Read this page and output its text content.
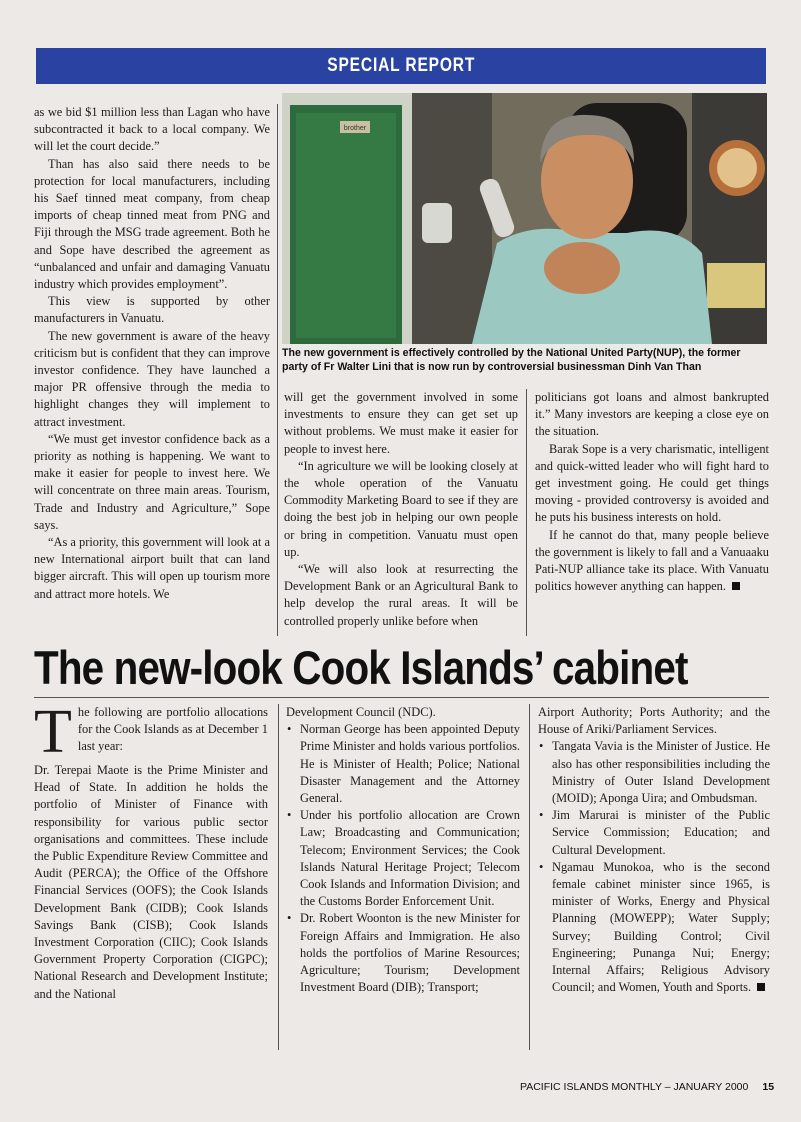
SPECIAL REPORT

as we bid $1 million less than Lagan who have subcontracted it back to a local company. We will let the court decide.”

Than has also said there needs to be protection for local manufacturers, including his Saef tinned meat company, from cheap imports of cheap tinned meat from PNG and Fiji through the MSG trade agreement. Both he and Sope have described the agreement as “unbalanced and unfair and damaging Vanuatu industry which provides employment”.

This view is supported by other manufacturers in Vanuatu.

The new government is aware of the heavy criticism but is confident that they can improve investor confidence. They have launched a major PR offensive through the media to highlight changes they will implement to attract investment.

“We must get investor confidence back as a priority as nothing is happening. We want to make it easier for people to invest here. We will concentrate on three main areas. Tourism, Trade and Industry and Agriculture,” Sope says.

“As a priority, this government will look at a new International airport built that can land bigger aircraft. This will open up tourism more and attract more hotels. We

brother
The new government is effectively controlled by the National United Party(NUP), the former party of Fr Walter Lini that is now run by controversial businessman Dinh Van Than

will get the government involved in some investments to ensure they can get set up without problems. We must make it easier for people to invest here.

“In agriculture we will be looking closely at the whole operation of the Vanuatu Commodity Marketing Board to see if they are doing the best job in helping our own people or bring in competition. Vanuatu must open up.

“We will also look at resurrecting the Development Bank or an Agricultural Bank to help develop the rural areas. It will be controlled properly unlike before when

politicians got loans and almost bankrupted it.” Many investors are keeping a close eye on the situation.

Barak Sope is a very charismatic, intelligent and quick-witted leader who will fight hard to get investment going. He could get things moving - provided controversy is avoided and he puts his business interests on hold.

If he cannot do that, many people believe the government is likely to fall and a Vanuaaku Pati-NUP alliance take its place. With Vanuatu politics however anything can happen.

The new-look Cook Islands’ cabinet
T he following are portfolio allocations for the Cook Islands as at December 1 last year:

Dr. Terepai Maote is the Prime Minister and Head of State. In addition he holds the portfolio of Minister of Finance with responsibility for various public sector organisations and committees. These include the Public Expenditure Review Committee and Audit (PERCA); the Office of the Offshore Financial Services (OOFS); the Cook Islands Development Bank (CIDB); Cook Islands Savings Bank (CISB); Cook Islands Investment Corporation (CIIC); Cook Islands Government Property Corporation (CIGPC); National Research and Development Institute; and the National

Development Council (NDC).

• Norman George has been appointed Deputy Prime Minister and holds various portfolios. He is Minister of Health; Police; National Disaster Management and the Attorney General.
• Under his portfolio allocation are Crown Law; Broadcasting and Communication; Telecom; Environment Services; the Cook Islands Natural Heritage Project; Telecom Cook Islands and Information Division; and the Customs Border Enforcement Unit.
• Dr. Robert Woonton is the new Minister for Foreign Affairs and Immigration. He also holds the portfolios of Marine Resources; Agriculture; Tourism; Development Investment Board (DIB); Transport;

Airport Authority; Ports Authority; and the House of Ariki/Parliament Services.

• Tangata Vavia is the Minister of Justice. He also has other responsibilities including the Ministry of Outer Island Development (MOID); Aponga Uira; and Ombudsman.
• Jim Marurai is minister of the Public Service Commission; Education; and Cultural Development.
• Ngamau Munokoa, who is the second female cabinet minister since 1965, is minister of Works, Energy and Physical Planning (MOWEPP); Water Supply; Survey; Building Control; Civil Engineering; Punanga Nui; Energy; Internal Affairs; Religious Advisory Council; and Women, Youth and Sports.
PACIFIC ISLANDS MONTHLY – JANUARY 2000 15
